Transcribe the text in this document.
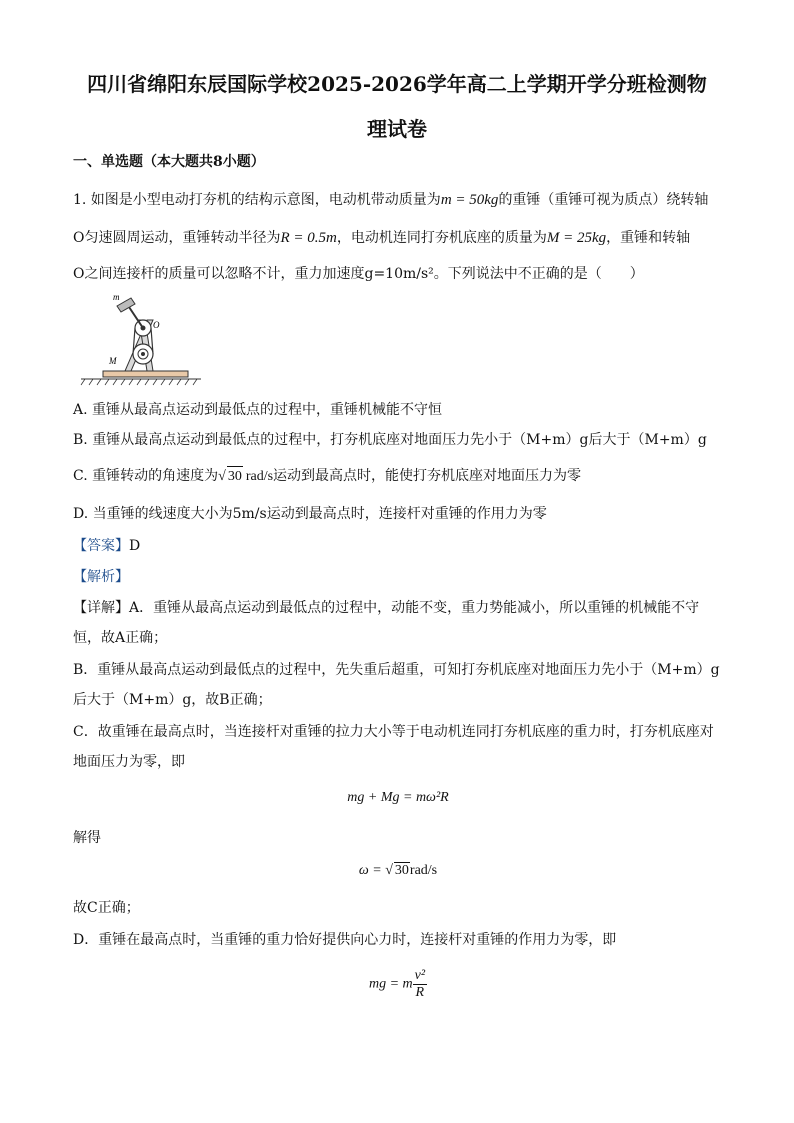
四川省绵阳东辰国际学校2025-2026学年高二上学期开学分班检测物
理试卷
一、单选题（本大题共8小题）
1. 如图是小型电动打夯机的结构示意图，电动机带动质量为m = 50kg的重锤（重锤可视为质点）绕转轴
O匀速圆周运动，重锤转动半径为R = 0.5m，电动机连同打夯机底座的质量为M = 25kg，重锤和转轴
O之间连接杆的质量可以忽略不计，重力加速度g=10m/s²。下列说法中不正确的是（　　）
m
O
M
A. 重锤从最高点运动到最低点的过程中，重锤机械能不守恒
B. 重锤从最高点运动到最低点的过程中，打夯机底座对地面压力先小于（M+m）g后大于（M+m）g
C. 重锤转动的角速度为√ 30 rad/s运动到最高点时，能使打夯机底座对地面压力为零
D. 当重锤的线速度大小为5m/s运动到最高点时，连接杆对重锤的作用力为零
【答案】D
【解析】
【详解】A．重锤从最高点运动到最低点的过程中，动能不变，重力势能减小，所以重锤的机械能不守
恒，故A正确；
B．重锤从最高点运动到最低点的过程中，先失重后超重，可知打夯机底座对地面压力先小于（M+m）g
后大于（M+m）g，故B正确；
C．故重锤在最高点时，当连接杆对重锤的拉力大小等于电动机连同打夯机底座的重力时，打夯机底座对
地面压力为零，即
mg + Mg = mω²R
解得
ω = √ 30rad/s
故C正确；
D．重锤在最高点时，当重锤的重力恰好提供向心力时，连接杆对重锤的作用力为零，即
mg = m $\frac{\text{v²}}{R}$
